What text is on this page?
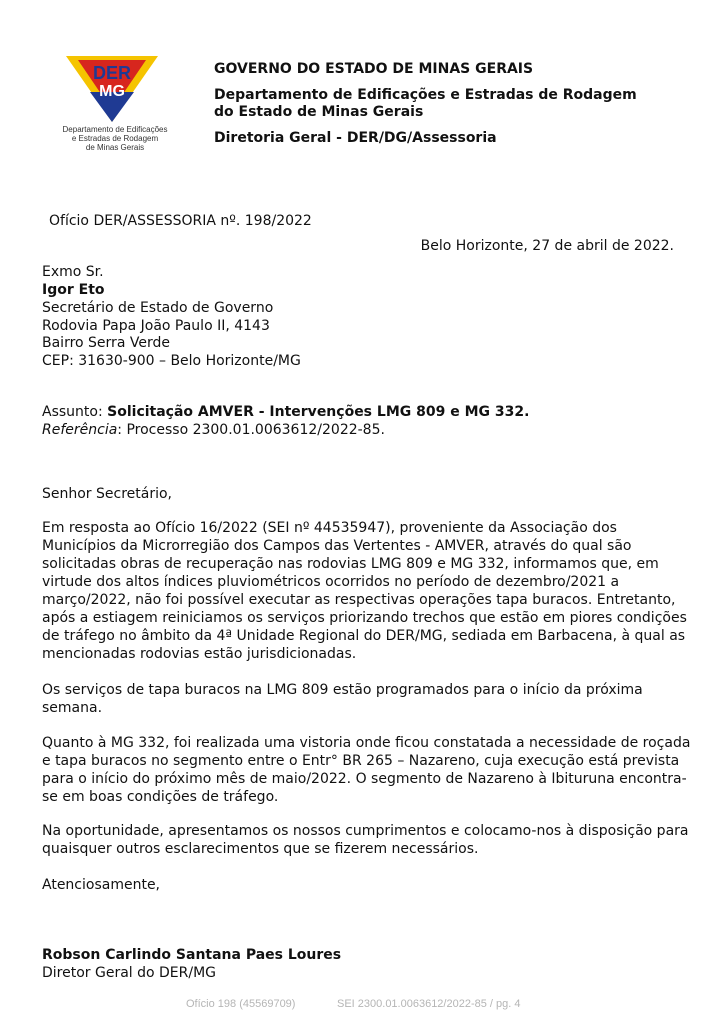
DER
MG
Departamento de Edificações
e Estradas de Rodagem
de Minas Gerais
GOVERNO DO ESTADO DE MINAS GERAIS
Departamento de Edificações e Estradas de Rodagem
do Estado de Minas Gerais
Diretoria Geral - DER/DG/Assessoria
Ofício DER/ASSESSORIA nº. 198/2022
Belo Horizonte, 27 de abril de 2022.
Exmo Sr.
Igor Eto
Secretário de Estado de Governo
Rodovia Papa João Paulo II, 4143
Bairro Serra Verde
CEP: 31630-900 – Belo Horizonte/MG
Assunto: Solicitação AMVER - Intervenções LMG 809 e MG 332.
Referência: Processo 2300.01.0063612/2022-85.
Senhor Secretário,
Em resposta ao Ofício 16/2022 (SEI nº 44535947), proveniente da Associação dos Municípios da Microrregião dos Campos das Vertentes - AMVER, através do qual são solicitadas obras de recuperação nas rodovias LMG 809 e MG 332, informamos que, em virtude dos altos índices pluviométricos ocorridos no período de dezembro/2021 a março/2022, não foi possível executar as respectivas operações tapa buracos. Entretanto, após a estiagem reiniciamos os serviços priorizando trechos que estão em piores condições de tráfego no âmbito da 4ª Unidade Regional do DER/MG, sediada em Barbacena, à qual as mencionadas rodovias estão jurisdicionadas.
Os serviços de tapa buracos na LMG 809 estão programados para o início da próxima semana.
Quanto à MG 332, foi realizada uma vistoria onde ficou constatada a necessidade de roçada e tapa buracos no segmento entre o Entr° BR 265 – Nazareno, cuja execução está prevista para o início do próximo mês de maio/2022. O segmento de Nazareno à Ibituruna encontra-se em boas condições de tráfego.
Na oportunidade, apresentamos os nossos cumprimentos e colocamo-nos à disposição para quaisquer outros esclarecimentos que se fizerem necessários.
Atenciosamente,
Robson Carlindo Santana Paes Loures
Diretor Geral do DER/MG
Ofício 198 (45569709)	SEI 2300.01.0063612/2022-85 / pg. 4
